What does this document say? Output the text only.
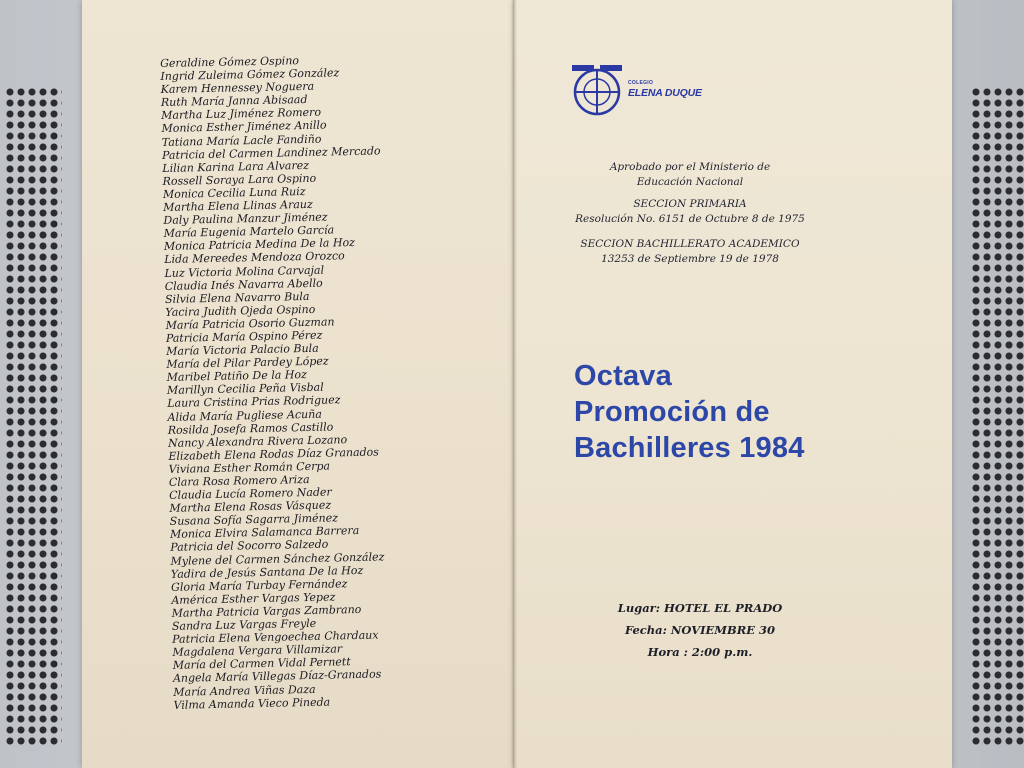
Geraldine Gómez Ospino
Ingrid Zuleima Gómez González
Karem Hennessey Noguera
Ruth María Janna Abisaad
Martha Luz Jiménez Romero
Monica Esther Jiménez Anillo
Tatiana María Lacle Fandiño
Patricia del Carmen Landinez Mercado
Lilian Karina Lara Alvarez
Rossell Soraya Lara Ospino
Monica Cecilia Luna Ruiz
Martha Elena Llinas Arauz
Daly Paulina Manzur Jiménez
María Eugenia Martelo García
Monica Patricia Medina De la Hoz
Lida Mereedes Mendoza Orozco
Luz Victoria Molina Carvajal
Claudia Inés Navarra Abello
Silvia Elena Navarro Bula
Yacira Judith Ojeda Ospino
María Patricia Osorio Guzman
Patricia María Ospino Pérez
María Victoria Palacio Bula
María del Pilar Pardey López
Maribel Patiño De la Hoz
Marillyn Cecilia Peña Visbal
Laura Cristina Prias Rodriguez
Alida María Pugliese Acuña
Rosilda Josefa Ramos Castillo
Nancy Alexandra Rivera Lozano
Elizabeth Elena Rodas Díaz Granados
Viviana Esther Román Cerpa
Clara Rosa Romero Ariza
Claudia Lucía Romero Nader
Martha Elena Rosas Vásquez
Susana Sofía Sagarra Jiménez
Monica Elvira Salamanca Barrera
Patricia del Socorro Salzedo
Mylene del Carmen Sánchez González
Yadira de Jesús Santana De la Hoz
Gloria María Turbay Fernández
América Esther Vargas Yepez
Martha Patricia Vargas Zambrano
Sandra Luz Vargas Freyle
Patricia Elena Vengoechea Chardaux
Magdalena Vergara Villamizar
María del Carmen Vidal Pernett
Angela María Villegas Díaz-Granados
María Andrea Viñas Daza
Vilma Amanda Vieco Pineda
COLEGIO
ELENA DUQUE
Aprobado por el Ministerio de
Educación Nacional
SECCION PRIMARIA
Resolución No. 6151 de Octubre 8 de 1975
SECCION BACHILLERATO ACADEMICO
13253 de Septiembre 19 de 1978
Octava
Promoción de
Bachilleres 1984
Lugar: HOTEL EL PRADO
Fecha: NOVIEMBRE 30
Hora : 2:00 p.m.
